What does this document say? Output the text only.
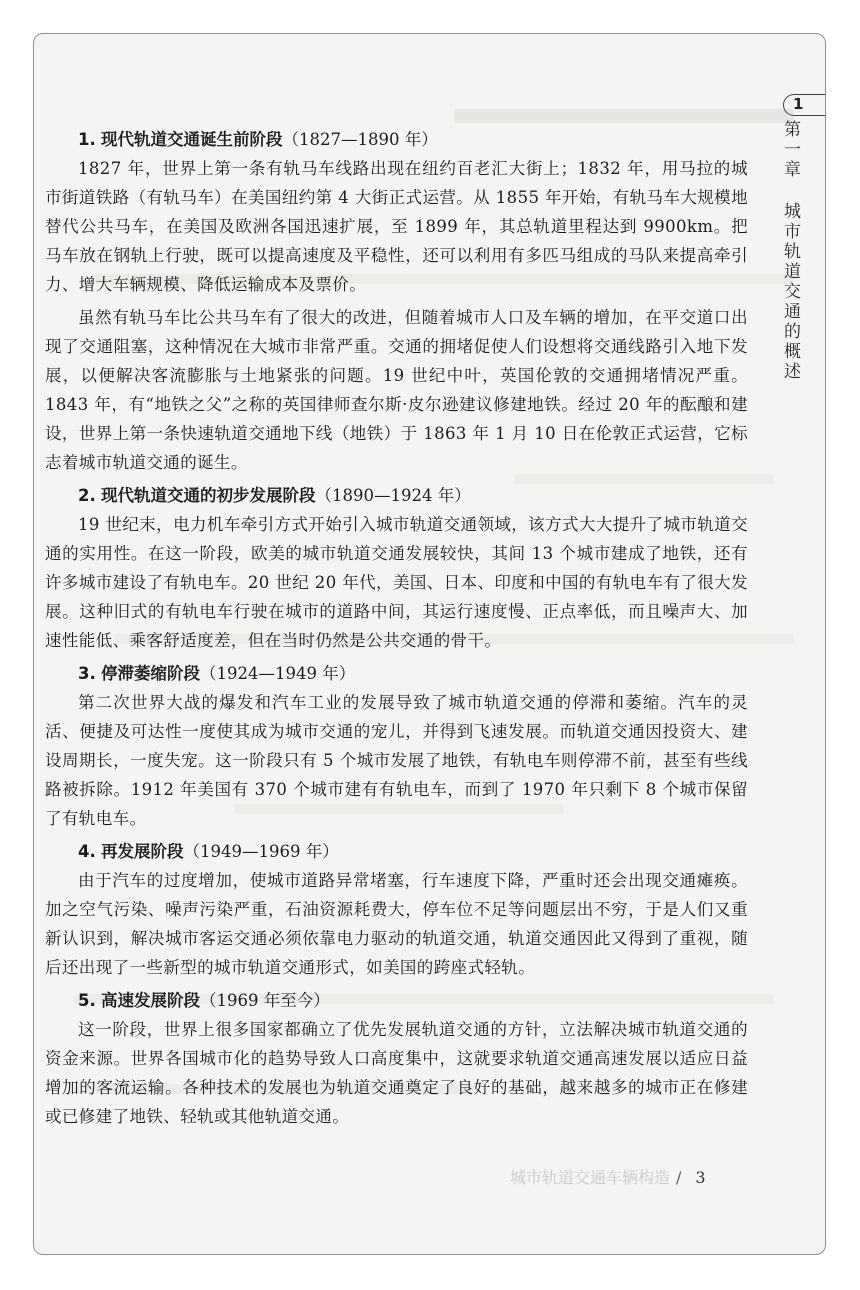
1
第一章城市轨道交通的概述
1. 现代轨道交通诞生前阶段（1827—1890 年）

1827 年，世界上第一条有轨马车线路出现在纽约百老汇大街上；1832 年，用马拉的城市街道铁路（有轨马车）在美国纽约第 4 大街正式运营。从 1855 年开始，有轨马车大规模地替代公共马车，在美国及欧洲各国迅速扩展，至 1899 年，其总轨道里程达到 9900km。把马车放在钢轨上行驶，既可以提高速度及平稳性，还可以利用有多匹马组成的马队来提高牵引力、增大车辆规模、降低运输成本及票价。

虽然有轨马车比公共马车有了很大的改进，但随着城市人口及车辆的增加，在平交道口出现了交通阻塞，这种情况在大城市非常严重。交通的拥堵促使人们设想将交通线路引入地下发展，以便解决客流膨胀与土地紧张的问题。19 世纪中叶，英国伦敦的交通拥堵情况严重。1843 年，有“地铁之父”之称的英国律师查尔斯·皮尔逊建议修建地铁。经过 20 年的酝酿和建设，世界上第一条快速轨道交通地下线（地铁）于 1863 年 1 月 10 日在伦敦正式运营，它标志着城市轨道交通的诞生。

2. 现代轨道交通的初步发展阶段（1890—1924 年）

19 世纪末，电力机车牵引方式开始引入城市轨道交通领域，该方式大大提升了城市轨道交通的实用性。在这一阶段，欧美的城市轨道交通发展较快，其间 13 个城市建成了地铁，还有许多城市建设了有轨电车。20 世纪 20 年代，美国、日本、印度和中国的有轨电车有了很大发展。这种旧式的有轨电车行驶在城市的道路中间，其运行速度慢、正点率低，而且噪声大、加速性能低、乘客舒适度差，但在当时仍然是公共交通的骨干。

3. 停滞萎缩阶段（1924—1949 年）

第二次世界大战的爆发和汽车工业的发展导致了城市轨道交通的停滞和萎缩。汽车的灵活、便捷及可达性一度使其成为城市交通的宠儿，并得到飞速发展。而轨道交通因投资大、建设周期长，一度失宠。这一阶段只有 5 个城市发展了地铁，有轨电车则停滞不前，甚至有些线路被拆除。1912 年美国有 370 个城市建有有轨电车，而到了 1970 年只剩下 8 个城市保留了有轨电车。

4. 再发展阶段（1949—1969 年）

由于汽车的过度增加，使城市道路异常堵塞，行车速度下降，严重时还会出现交通瘫痪。加之空气污染、噪声污染严重，石油资源耗费大，停车位不足等问题层出不穷，于是人们又重新认识到，解决城市客运交通必须依靠电力驱动的轨道交通，轨道交通因此又得到了重视，随后还出现了一些新型的城市轨道交通形式，如美国的跨座式轻轨。

5. 高速发展阶段（1969 年至今）

这一阶段，世界上很多国家都确立了优先发展轨道交通的方针，立法解决城市轨道交通的资金来源。世界各国城市化的趋势导致人口高度集中，这就要求轨道交通高速发展以适应日益增加的客流运输。各种技术的发展也为轨道交通奠定了良好的基础，越来越多的城市正在修建或已修建了地铁、轻轨或其他轨道交通。

城市轨道交通车辆构造 / 3
